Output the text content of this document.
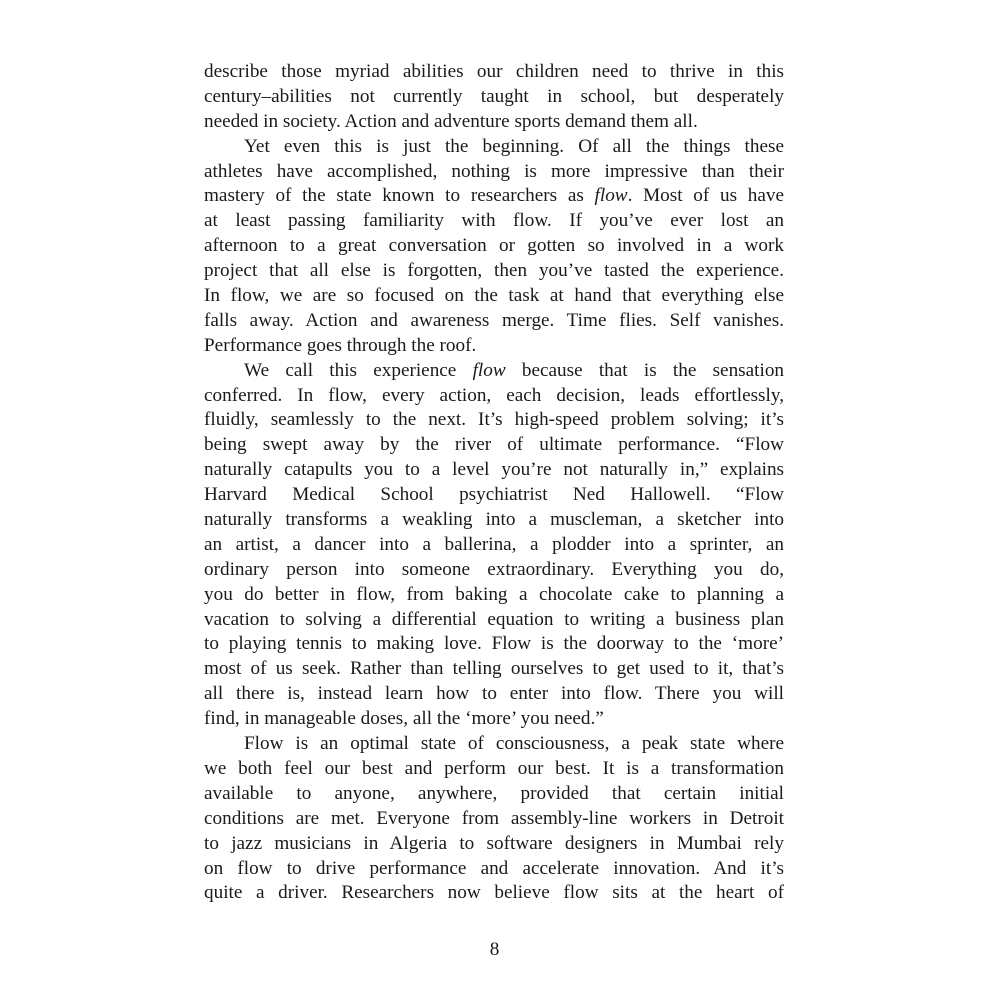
describe those myriad abilities our children need to thrive in this
century–abilities not currently taught in school, but desperately
needed in society. Action and adventure sports demand them all.
Yet even this is just the beginning. Of all the things these
athletes have accomplished, nothing is more impressive than their
mastery of the state known to researchers as flow. Most of us have
at least passing familiarity with flow. If you’ve ever lost an
afternoon to a great conversation or gotten so involved in a work
project that all else is forgotten, then you’ve tasted the experience.
In flow, we are so focused on the task at hand that everything else
falls away. Action and awareness merge. Time flies. Self vanishes.
Performance goes through the roof.
We call this experience flow because that is the sensation
conferred. In flow, every action, each decision, leads effortlessly,
fluidly, seamlessly to the next. It’s high-speed problem solving; it’s
being swept away by the river of ultimate performance. “Flow
naturally catapults you to a level you’re not naturally in,” explains
Harvard Medical School psychiatrist Ned Hallowell. “Flow
naturally transforms a weakling into a muscleman, a sketcher into
an artist, a dancer into a ballerina, a plodder into a sprinter, an
ordinary person into someone extraordinary. Everything you do,
you do better in flow, from baking a chocolate cake to planning a
vacation to solving a differential equation to writing a business plan
to playing tennis to making love. Flow is the doorway to the ‘more’
most of us seek. Rather than telling ourselves to get used to it, that’s
all there is, instead learn how to enter into flow. There you will
find, in manageable doses, all the ‘more’ you need.”
Flow is an optimal state of consciousness, a peak state where
we both feel our best and perform our best. It is a transformation
available to anyone, anywhere, provided that certain initial
conditions are met. Everyone from assembly-line workers in Detroit
to jazz musicians in Algeria to software designers in Mumbai rely
on flow to drive performance and accelerate innovation. And it’s
quite a driver. Researchers now believe flow sits at the heart of
8
